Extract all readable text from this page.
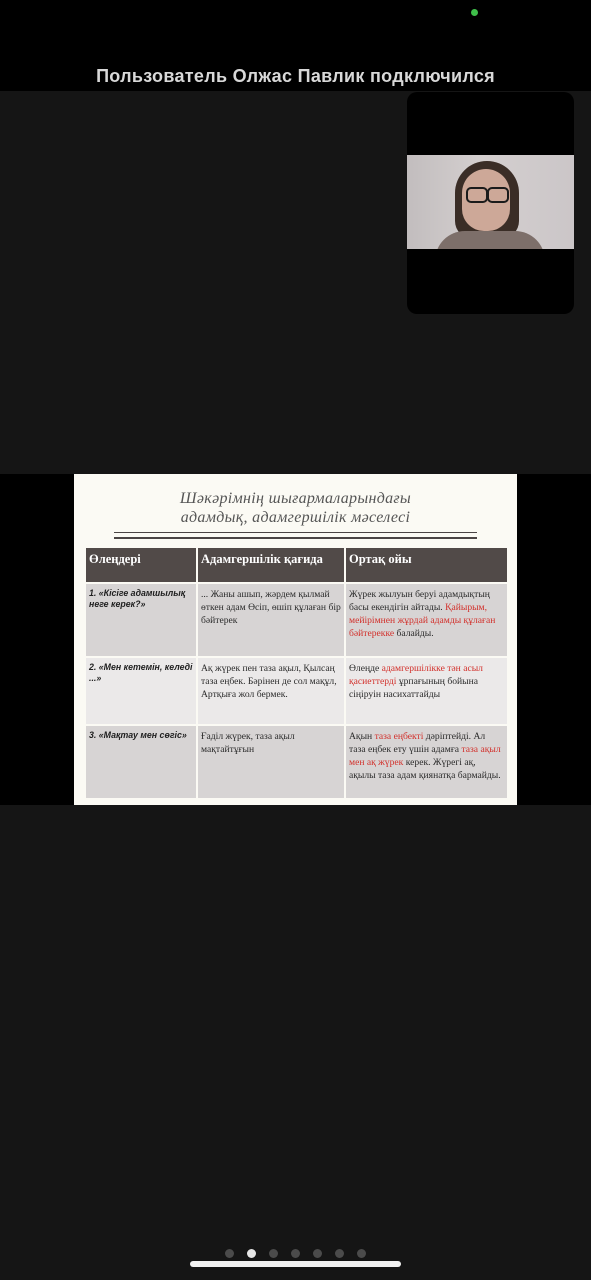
Пользователь Олжас Павлик подключился
Шәкәрімнің шығармаларындағы
адамдық, адамгершілік мәселесі
Өлеңдері	Адамгершілік қағида	Ортақ ойы
1. «Кісіге адамшылық неге керек?»	... Жаны ашып, жәрдем қылмай өткен адам Өсіп, өшіп құлаған бір бәйтерек	Жүрек жылуын беруі адамдықтың басы екендігін айтады. Қайырым, мейірімнен жұрдай адамды құлаған бәйтерекке балайды.
2. «Мен кетемін, келеді ...»	Ақ жүрек пен таза ақыл, Қылсаң таза еңбек. Бәрінен де сол мақұл, Артқыға жол бермек.	Өлеңде адамгершілікке тән асыл қасиеттерді ұрпағының бойына сіңіруін насихаттайды
3. «Мақтау мен сөгіс»	Ғаділ жүрек, таза ақыл мақтайтұғын	Ақын таза еңбекті дәріптейді. Ал таза еңбек ету үшін адамға таза ақыл мен ақ жүрек керек. Жүрегі ақ, ақылы таза адам қиянатқа бармайды.
